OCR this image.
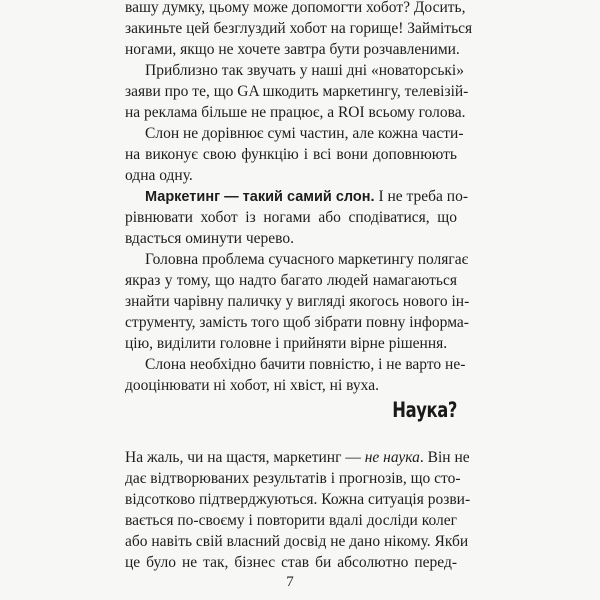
вашу думку, цьому може допомогти хобот? Досить,
закиньте цей безглуздий хобот на горище! Займіться
ногами, якщо не хочете завтра бути розчавленими.
Приблизно так звучать у наші дні «новаторські»
заяви про те, що GA шкодить маркетингу, телевізій-
на реклама більше не працює, а ROI всьому голова.
Слон не дорівнює сумі частин, але кожна части-
на виконує свою функцію і всі вони доповнюють
одна одну.
Маркетинг — такий самий слон. І не треба по-
рівнювати хобот із ногами або сподіватися, що
вдасться оминути черево.
Головна проблема сучасного маркетингу полягає
якраз у тому, що надто багато людей намагаються
знайти чарівну паличку у вигляді якогось нового ін-
струменту, замість того щоб зібрати повну інформа-
цію, виділити головне і прийняти вірне рішення.
Слона необхідно бачити повністю, і не варто не-
дооцінювати ні хобот, ні хвіст, ні вуха.
Наука?
На жаль, чи на щастя, маркетинг — не наука. Він не
дає відтворюваних результатів і прогнозів, що сто-
відсотково підтверджуються. Кожна ситуація розви-
вається по-своєму і повторити вдалі досліди колег
або навіть свій власний досвід не дано нікому. Якби
це було не так, бізнес став би абсолютно перед-
7
